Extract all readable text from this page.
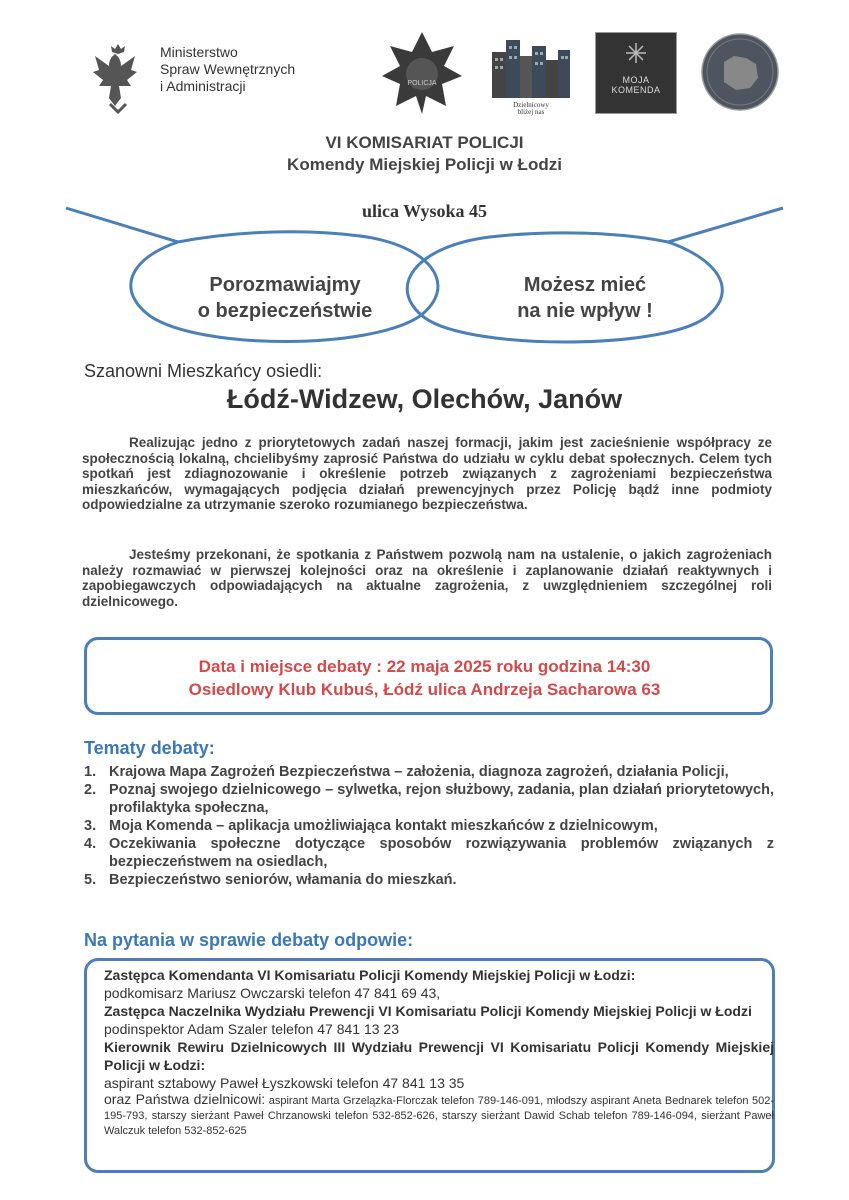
Ministerstwo
Spraw Wewnętrznych
i Administracji	POLICJA
Dzielnicowy
bliżej nas
MOJA
KOMENDA
VI KOMISARIAT POLICJI
Komendy Miejskiej Policji w Łodzi
ulica Wysoka 45
Porozmawiajmy
o bezpieczeństwie
Możesz mieć
na nie wpływ !
Szanowni Mieszkańcy osiedli:
Łódź-Widzew, Olechów, Janów
Realizując jedno z priorytetowych zadań naszej formacji, jakim jest zacieśnienie współpracy ze społecznością lokalną, chcielibyśmy zaprosić Państwa do udziału w cyklu debat społecznych. Celem tych spotkań jest zdiagnozowanie i określenie potrzeb związanych z zagrożeniami bezpieczeństwa mieszkańców, wymagających podjęcia działań prewencyjnych przez Policję bądź inne podmioty odpowiedzialne za utrzymanie szeroko rozumianego bezpieczeństwa.
Jesteśmy przekonani, że spotkania z Państwem pozwolą nam na ustalenie, o jakich zagrożeniach należy rozmawiać w pierwszej kolejności oraz na określenie i zaplanowanie działań reaktywnych i zapobiegawczych odpowiadających na aktualne zagrożenia, z uwzględnieniem szczególnej roli dzielnicowego.
Data i miejsce debaty : 22 maja 2025 roku godzina 14:30
Osiedlowy Klub Kubuś, Łódź ulica Andrzeja Sacharowa 63
Tematy debaty:
1. Krajowa Mapa Zagrożeń Bezpieczeństwa – założenia, diagnoza zagrożeń, działania Policji,
2. Poznaj swojego dzielnicowego – sylwetka, rejon służbowy, zadania, plan działań priorytetowych, profilaktyka społeczna,
3. Moja Komenda – aplikacja umożliwiająca kontakt mieszkańców z dzielnicowym,
4. Oczekiwania społeczne dotyczące sposobów rozwiązywania problemów związanych z bezpieczeństwem na osiedlach,
5. Bezpieczeństwo seniorów, włamania do mieszkań.
Na pytania w sprawie debaty odpowie:
Zastępca Komendanta VI Komisariatu Policji Komendy Miejskiej Policji w Łodzi:
podkomisarz Mariusz Owczarski telefon 47 841 69 43,
Zastępca Naczelnika Wydziału Prewencji VI Komisariatu Policji Komendy Miejskiej Policji w Łodzi
podinspektor Adam Szaler telefon 47 841 13 23
Kierownik Rewiru Dzielnicowych III Wydziału Prewencji VI Komisariatu Policji Komendy Miejskiej Policji w Łodzi:
aspirant sztabowy Paweł Łyszkowski telefon 47 841 13 35
oraz Państwa dzielnicowi: aspirant Marta Grzelązka-Florczak telefon 789-146-091, młodszy aspirant Aneta Bednarek telefon 502-195-793, starszy sierżant Paweł Chrzanowski telefon 532-852-626, starszy sierżant Dawid Schab telefon 789-146-094, sierżant Paweł Walczuk telefon 532-852-625
